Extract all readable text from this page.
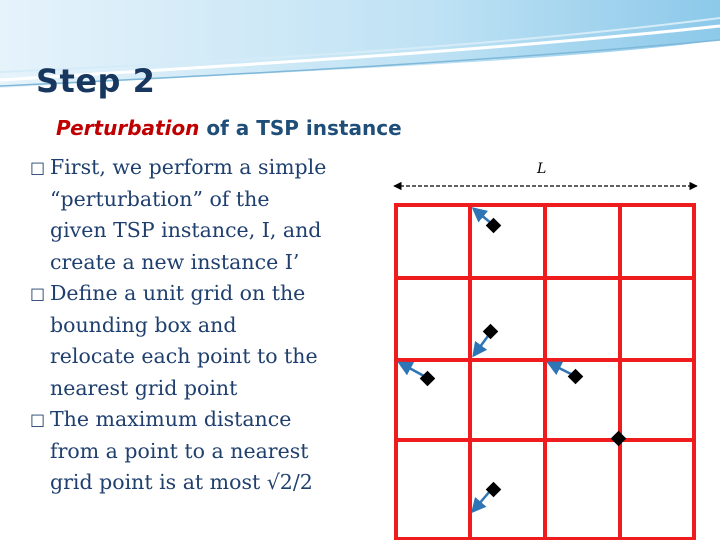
Step 2
Perturbation of a TSP instance
□ First, we perform a simple
“perturbation” of the
given TSP instance, I, and
create a new instance I’
□ Define a unit grid on the
bounding box and
relocate each point to the
nearest grid point
□ The maximum distance
from a point to a nearest
grid point is at most √2/2
L
